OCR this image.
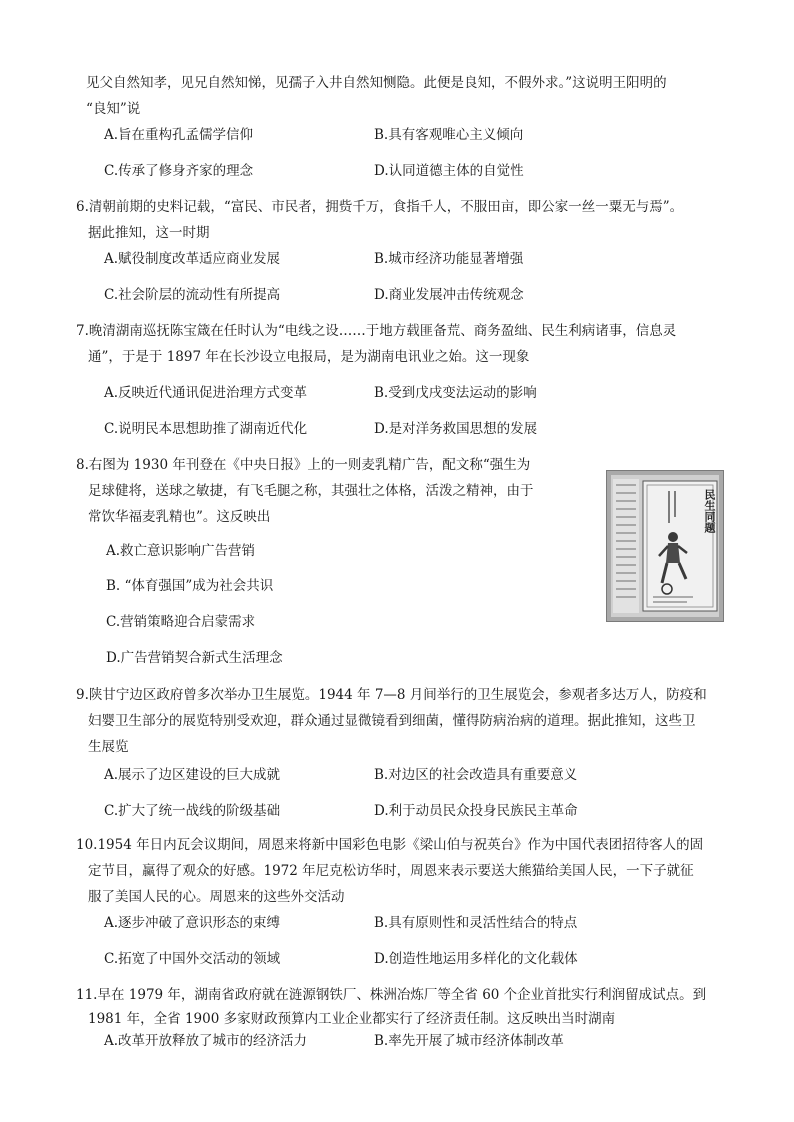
见父自然知孝，见兄自然知悌，见孺子入井自然知恻隐。此便是良知，不假外求。”这说明王阳明的
“良知”说
A.旨在重构孔孟儒学信仰	B.具有客观唯心主义倾向
C.传承了修身齐家的理念	D.认同道德主体的自觉性
6.清朝前期的史料记载，“富民、市民者，拥赀千万，食指千人，不服田亩，即公家一丝一粟无与焉”。
据此推知，这一时期
A.赋役制度改革适应商业发展	B.城市经济功能显著增强
C.社会阶层的流动性有所提高	D.商业发展冲击传统观念
7.晚清湖南巡抚陈宝箴在任时认为“电线之设……于地方载匪备荒、商务盈绌、民生利病诸事，信息灵
通”，于是于 1897 年在长沙设立电报局，是为湖南电讯业之始。这一现象
A.反映近代通讯促进治理方式变革	B.受到戊戌变法运动的影响
C.说明民本思想助推了湖南近代化	D.是对洋务救国思想的发展
8.右图为 1930 年刊登在《中央日报》上的一则麦乳精广告，配文称“强生为
足球健将，送球之敏捷，有飞毛腿之称，其强壮之体格，活泼之精神，由于
常饮华福麦乳精也”。这反映出
A.救亡意识影响广告营销
B. “体育强国”成为社会共识
C.营销策略迎合启蒙需求
D.广告营销契合新式生活理念
民生同题
9.陕甘宁边区政府曾多次举办卫生展览。1944 年 7—8 月间举行的卫生展览会，参观者多达万人，防疫和
妇婴卫生部分的展览特别受欢迎，群众通过显微镜看到细菌，懂得防病治病的道理。据此推知，这些卫
生展览
A.展示了边区建设的巨大成就	B.对边区的社会改造具有重要意义
C.扩大了统一战线的阶级基础	D.利于动员民众投身民族民主革命
10.1954 年日内瓦会议期间，周恩来将新中国彩色电影《梁山伯与祝英台》作为中国代表团招待客人的固
定节目，赢得了观众的好感。1972 年尼克松访华时，周恩来表示要送大熊猫给美国人民，一下子就征
服了美国人民的心。周恩来的这些外交活动
A.逐步冲破了意识形态的束缚	B.具有原则性和灵活性结合的特点
C.拓宽了中国外交活动的领域	D.创造性地运用多样化的文化载体
11.早在 1979 年，湖南省政府就在涟源钢铁厂、株洲冶炼厂等全省 60 个企业首批实行利润留成试点。到
1981 年，全省 1900 多家财政预算内工业企业都实行了经济责任制。这反映出当时湖南
A.改革开放释放了城市的经济活力	B.率先开展了城市经济体制改革
